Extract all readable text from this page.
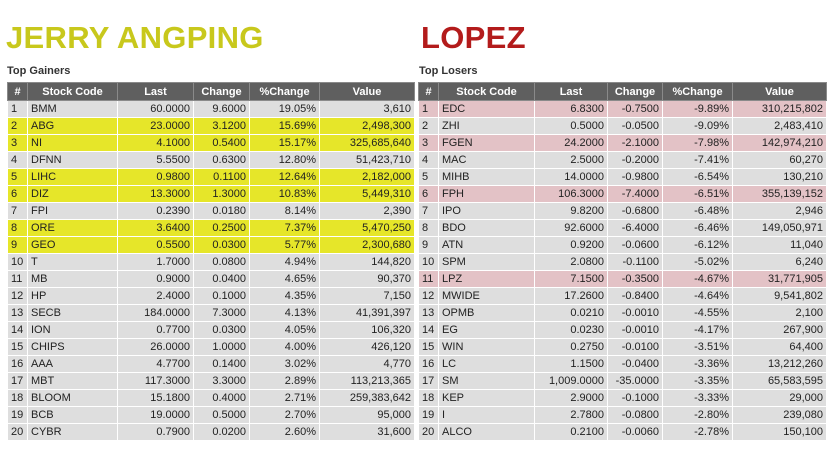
JERRY ANGPING	LOPEZ
Top Gainers	Top Losers
#	Stock Code	Last	Change	%Change	Value
1	BMM	60.0000	9.6000	19.05%	3,610
2	ABG	23.0000	3.1200	15.69%	2,498,300
3	NI	4.1000	0.5400	15.17%	325,685,640
4	DFNN	5.5500	0.6300	12.80%	51,423,710
5	LIHC	0.9800	0.1100	12.64%	2,182,000
6	DIZ	13.3000	1.3000	10.83%	5,449,310
7	FPI	0.2390	0.0180	8.14%	2,390
8	ORE	3.6400	0.2500	7.37%	5,470,250
9	GEO	0.5500	0.0300	5.77%	2,300,680
10	T	1.7000	0.0800	4.94%	144,820
11	MB	0.9000	0.0400	4.65%	90,370
12	HP	2.4000	0.1000	4.35%	7,150
13	SECB	184.0000	7.3000	4.13%	41,391,397
14	ION	0.7700	0.0300	4.05%	106,320
15	CHIPS	26.0000	1.0000	4.00%	426,120
16	AAA	4.7700	0.1400	3.02%	4,770
17	MBT	117.3000	3.3000	2.89%	113,213,365
18	BLOOM	15.1800	0.4000	2.71%	259,383,642
19	BCB	19.0000	0.5000	2.70%	95,000
20	CYBR	0.7900	0.0200	2.60%	31,600
#	Stock Code	Last	Change	%Change	Value
1	EDC	6.8300	-0.7500	-9.89%	310,215,802
2	ZHI	0.5000	-0.0500	-9.09%	2,483,410
3	FGEN	24.2000	-2.1000	-7.98%	142,974,210
4	MAC	2.5000	-0.2000	-7.41%	60,270
5	MIHB	14.0000	-0.9800	-6.54%	130,210
6	FPH	106.3000	-7.4000	-6.51%	355,139,152
7	IPO	9.8200	-0.6800	-6.48%	2,946
8	BDO	92.6000	-6.4000	-6.46%	149,050,971
9	ATN	0.9200	-0.0600	-6.12%	11,040
10	SPM	2.0800	-0.1100	-5.02%	6,240
11	LPZ	7.1500	-0.3500	-4.67%	31,771,905
12	MWIDE	17.2600	-0.8400	-4.64%	9,541,802
13	OPMB	0.0210	-0.0010	-4.55%	2,100
14	EG	0.0230	-0.0010	-4.17%	267,900
15	WIN	0.2750	-0.0100	-3.51%	64,400
16	LC	1.1500	-0.0400	-3.36%	13,212,260
17	SM	1,009.0000	-35.0000	-3.35%	65,583,595
18	KEP	2.9000	-0.1000	-3.33%	29,000
19	I	2.7800	-0.0800	-2.80%	239,080
20	ALCO	0.2100	-0.0060	-2.78%	150,100
